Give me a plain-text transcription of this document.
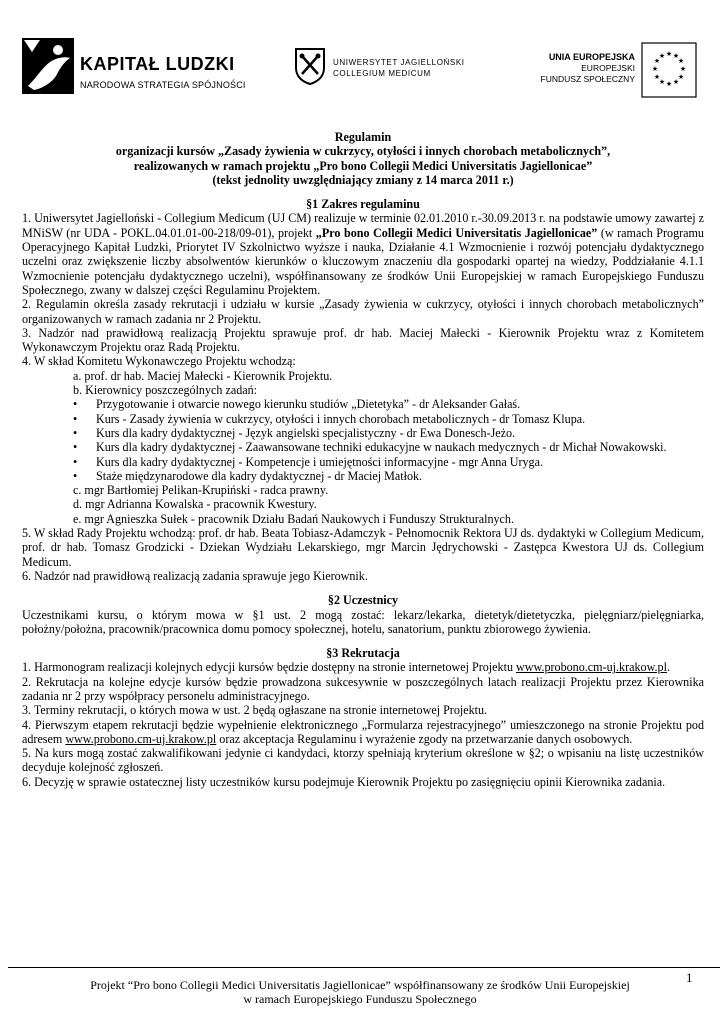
KAPITAŁ LUDZKI
NARODOWA STRATEGIA SPÓJNOŚCI
UNIWERSYTET JAGIELLOŃSKI
COLLEGIUM MEDICUM
UNIA EUROPEJSKA
EUROPEJSKI
FUNDUSZ SPOŁECZNY
★ ★
★
★
★
★
★
★
★
★
★
★

Regulamin

organizacji kursów „Zasady żywienia w cukrzycy, otyłości i innych chorobach metabolicznych”,

realizowanych w ramach projektu „Pro bono Collegii Medici Universitatis Jagiellonicae”

(tekst jednolity uwzględniający zmiany z 14 marca 2011 r.)

§1 Zakres regulaminu

1. Uniwersytet Jagielloński - Collegium Medicum (UJ CM) realizuje w terminie 02.01.2010 r.-30.09.2013 r. na podstawie umowy zawartej z MNiSW (nr UDA - POKL.04.01.01-00-218/09-01), projekt „Pro bono Collegii Medici Universitatis Jagiellonicae” (w ramach Programu Operacyjnego Kapitał Ludzki, Priorytet IV Szkolnictwo wyższe i nauka, Działanie 4.1 Wzmocnienie i rozwój potencjału dydaktycznego uczelni oraz zwiększenie liczby absolwentów kierunków o kluczowym znaczeniu dla gospodarki opartej na wiedzy, Poddziałanie 4.1.1 Wzmocnienie potencjału dydaktycznego uczelni), współfinansowany ze środków Unii Europejskiej w ramach Europejskiego Funduszu Społecznego, zwany w dalszej części Regulaminu Projektem.

2. Regulamin określa zasady rekrutacji i udziału w kursie „Zasady żywienia w cukrzycy, otyłości i innych chorobach metabolicznych” organizowanych w ramach zadania nr 2 Projektu.

3. Nadzór nad prawidłową realizacją Projektu sprawuje prof. dr hab. Maciej Małecki - Kierownik Projektu wraz z Komitetem Wykonawczym Projektu oraz Radą Projektu.

4. W skład Komitetu Wykonawczego Projektu wchodzą:

a. prof. dr hab. Maciej Małecki - Kierownik Projektu.

b. Kierownicy poszczególnych zadań:

• Przygotowanie i otwarcie nowego kierunku studiów „Dietetyka” - dr Aleksander Gałaś.

• Kurs - Zasady żywienia w cukrzycy, otyłości i innych chorobach metabolicznych - dr Tomasz Klupa.

• Kurs dla kadry dydaktycznej - Język angielski specjalistyczny - dr Ewa Donesch-Jeżo.

• Kurs dla kadry dydaktycznej - Zaawansowane techniki edukacyjne w naukach medycznych - dr Michał Nowakowski.

• Kurs dla kadry dydaktycznej - Kompetencje i umiejętności informacyjne - mgr Anna Uryga.

• Staże międzynarodowe dla kadry dydaktycznej - dr Maciej Matłok.

c. mgr Bartłomiej Pelikan-Krupiński - radca prawny.

d. mgr Adrianna Kowalska - pracownik Kwestury.

e. mgr Agnieszka Sułek - pracownik Działu Badań Naukowych i Funduszy Strukturalnych.

5. W skład Rady Projektu wchodzą: prof. dr hab. Beata Tobiasz-Adamczyk - Pełnomocnik Rektora UJ ds. dydaktyki w Collegium Medicum, prof. dr hab. Tomasz Grodzicki - Dziekan Wydziału Lekarskiego, mgr Marcin Jędrychowski - Zastępca Kwestora UJ ds. Collegium Medicum.

6. Nadzór nad prawidłową realizacją zadania sprawuje jego Kierownik.

§2 Uczestnicy

Uczestnikami kursu, o którym mowa w §1 ust. 2 mogą zostać: lekarz/lekarka, dietetyk/dietetyczka, pielęgniarz/pielęgniarka, położny/położna, pracownik/pracownica domu pomocy społecznej, hotelu, sanatorium, punktu zbiorowego żywienia.

§3 Rekrutacja

1. Harmonogram realizacji kolejnych edycji kursów będzie dostępny na stronie internetowej Projektu www.probono.cm-uj.krakow.pl.

2. Rekrutacja na kolejne edycje kursów będzie prowadzona sukcesywnie w poszczególnych latach realizacji Projektu przez Kierownika zadania nr 2 przy współpracy personelu administracyjnego.

3. Terminy rekrutacji, o których mowa w ust. 2 będą ogłaszane na stronie internetowej Projektu.

4. Pierwszym etapem rekrutacji będzie wypełnienie elektronicznego „Formularza rejestracyjnego” umieszczonego na stronie Projektu pod adresem www.probono.cm-uj.krakow.pl oraz akceptacja Regulaminu i wyrażenie zgody na przetwarzanie danych osobowych.

5. Na kurs mogą zostać zakwalifikowani jedynie ci kandydaci, ktorzy spełniają kryterium określone w §2; o wpisaniu na listę uczestników decyduje kolejność zgłoszeń.

6. Decyzję w sprawie ostatecznej listy uczestników kursu podejmuje Kierownik Projektu po zasięgnięciu opinii Kierownika zadania.

1
Projekt “Pro bono Collegii Medici Universitatis Jagiellonicae” współfinansowany ze środków Unii Europejskiej
w ramach Europejskiego Funduszu Społecznego
